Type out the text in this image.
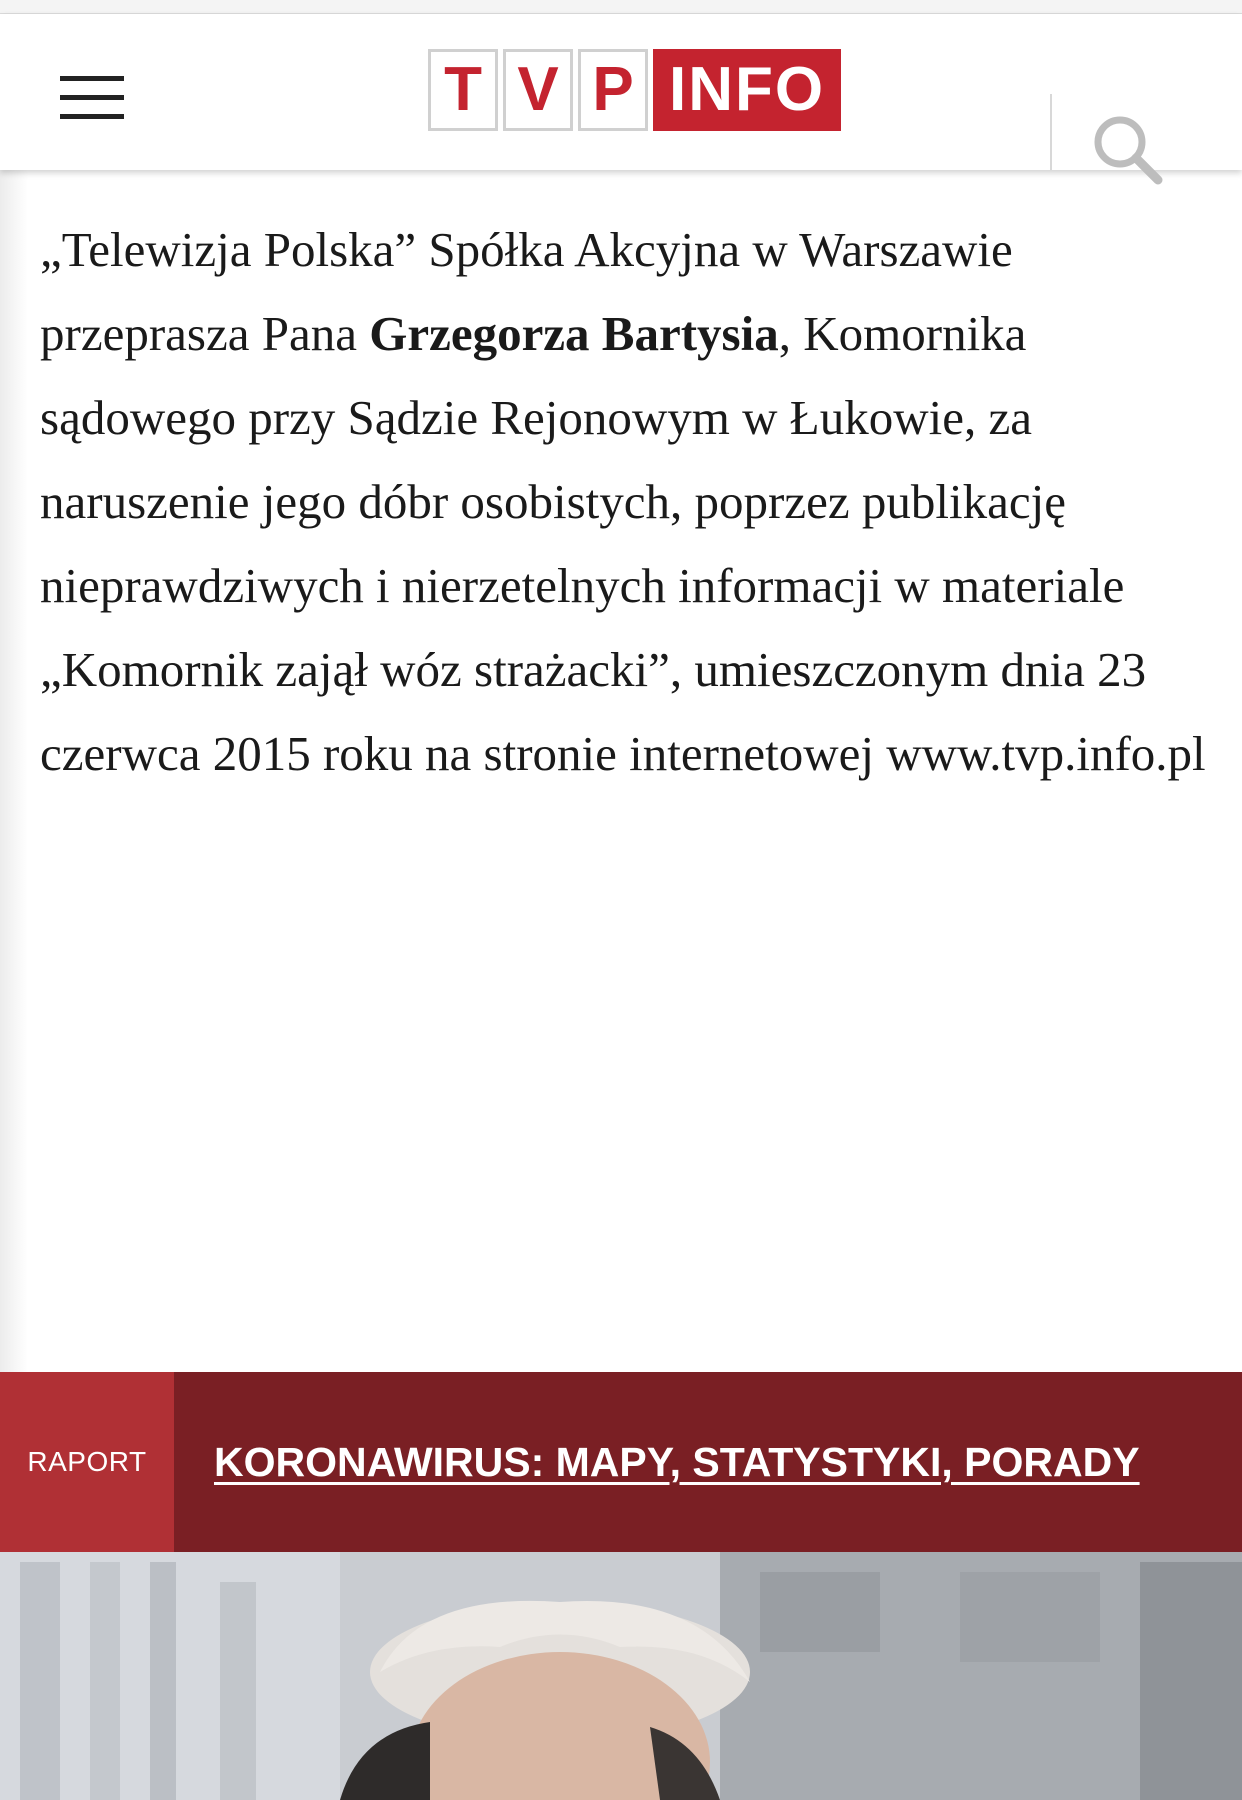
T V P INFO
„Telewizja Polska” Spółka Akcyjna w Warszawie przeprasza Pana Grzegorza Bartysia, Komornika sądowego przy Sądzie Rejonowym w Łukowie, za naruszenie jego dóbr osobistych, poprzez publikację nieprawdziwych i nierzetelnych informacji w materiale „Komornik zajął wóz strażacki”, umieszczonym dnia 23 czerwca 2015 roku na stronie internetowej www.tvp.info.pl
RAPORT	KORONAWIRUS: MAPY, STATYSTYKI, PORADY
